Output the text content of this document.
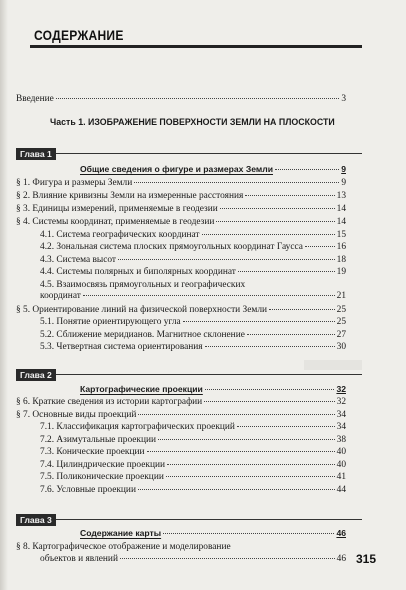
СОДЕРЖАНИЕ
Введение	3
Часть 1. ИЗОБРАЖЕНИЕ ПОВЕРХНОСТИ ЗЕМЛИ НА ПЛОСКОСТИ
Глава 1
Общие сведения о фигуре и размерах Земли	9
§ 1. Фигура и размеры Земли	9
§ 2. Влияние кривизны Земли на измеренные расстояния	13
§ 3. Единицы измерений, применяемые в геодезии	14
§ 4. Системы координат, применяемые в геодезии	14
4.1. Система географических координат	15
4.2. Зональная система плоских прямоугольных координат Гаусса	16
4.3. Система высот	18
4.4. Системы полярных и биполярных координат	19
4.5. Взаимосвязь прямоугольных и географических
координат	21
§ 5. Ориентирование линий на физической поверхности Земли	25
5.1. Понятие ориентирующего угла	25
5.2. Сближение меридианов. Магнитное склонение	27
5.3. Четвертная система ориентирования	30
Глава 2
Картографические проекции	32
§ 6. Краткие сведения из истории картографии	32
§ 7. Основные виды проекций	34
7.1. Классификация картографических проекций	34
7.2. Азимутальные проекции	38
7.3. Конические проекции	40
7.4. Цилиндрические проекции	40
7.5. Поликонические проекции	41
7.6. Условные проекции	44
Глава 3
Содержание карты	46
§ 8. Картографическое отображение и моделирование
объектов и явлений	46 315
